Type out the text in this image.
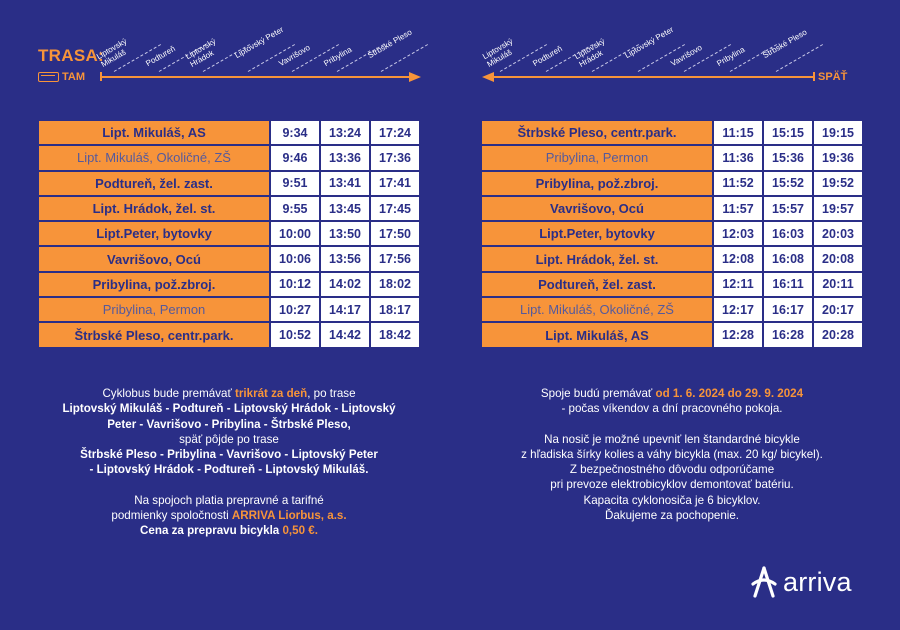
TRASA:
TAM	SPÄŤ
Liptovský Mikuláš	Podtureň Liptovský Hrádok	Liptovský Peter
Vavrišovo	Pribylina	Štrbské Pleso	Liptovský Mikuláš	Podtureň	Liptovský Hrádok	Liptovský Peter
Vavrišovo	Pribylina	Štrbské Pleso
Lipt. Mikuláš, AS	9:34	13:24	17:24
Lipt. Mikuláš, Okoličné, ZŠ	9:46	13:36	17:36
Podtureň, žel. zast.	9:51	13:41	17:41
Lipt. Hrádok, žel. st.	9:55	13:45	17:45
Lipt.Peter, bytovky	10:00	13:50	17:50
Vavrišovo, Ocú	10:06	13:56	17:56
Pribylina, pož.zbroj.	10:12	14:02	18:02
Pribylina, Permon	10:27	14:17	18:17
Štrbské Pleso, centr.park.	10:52	14:42	18:42
Štrbské Pleso, centr.park.	11:15	15:15	19:15
Pribylina, Permon	11:36	15:36	19:36
Pribylina, pož.zbroj.	11:52	15:52	19:52
Vavrišovo, Ocú	11:57	15:57	19:57
Lipt.Peter, bytovky	12:03	16:03	20:03
Lipt. Hrádok, žel. st.	12:08	16:08	20:08
Podtureň, žel. zast.	12:11	16:11	20:11
Lipt. Mikuláš, Okoličné, ZŠ	12:17	16:17	20:17
Lipt. Mikuláš, AS	12:28	16:28	20:28
Cyklobus bude premávať trikrát za deň, po trase
Liptovský Mikuláš - Podtureň - Liptovský Hrádok - Liptovský
Peter - Vavrišovo - Pribylina - Štrbské Pleso,
späť pôjde po trase
Štrbské Pleso - Pribylina - Vavrišovo - Liptovský Peter
- Liptovský Hrádok - Podtureň - Liptovský Mikuláš.
Na spojoch platia prepravné a tarifné
podmienky spoločnosti ARRIVA Liorbus, a.s.
Cena za prepravu bicykla 0,50 €.
Spoje budú premávať od 1. 6. 2024 do 29. 9. 2024
- počas víkendov a dní pracovného pokoja.
Na nosič je možné upevniť len štandardné bicykle
z hľadiska šírky kolies a váhy bicykla (max. 20 kg/ bicykel).
Z bezpečnostného dôvodu odporúčame
pri prevoze elektrobicyklov demontovať batériu.
Kapacita cyklonosiča je 6 bicyklov.
Ďakujeme za pochopenie.
arriva
